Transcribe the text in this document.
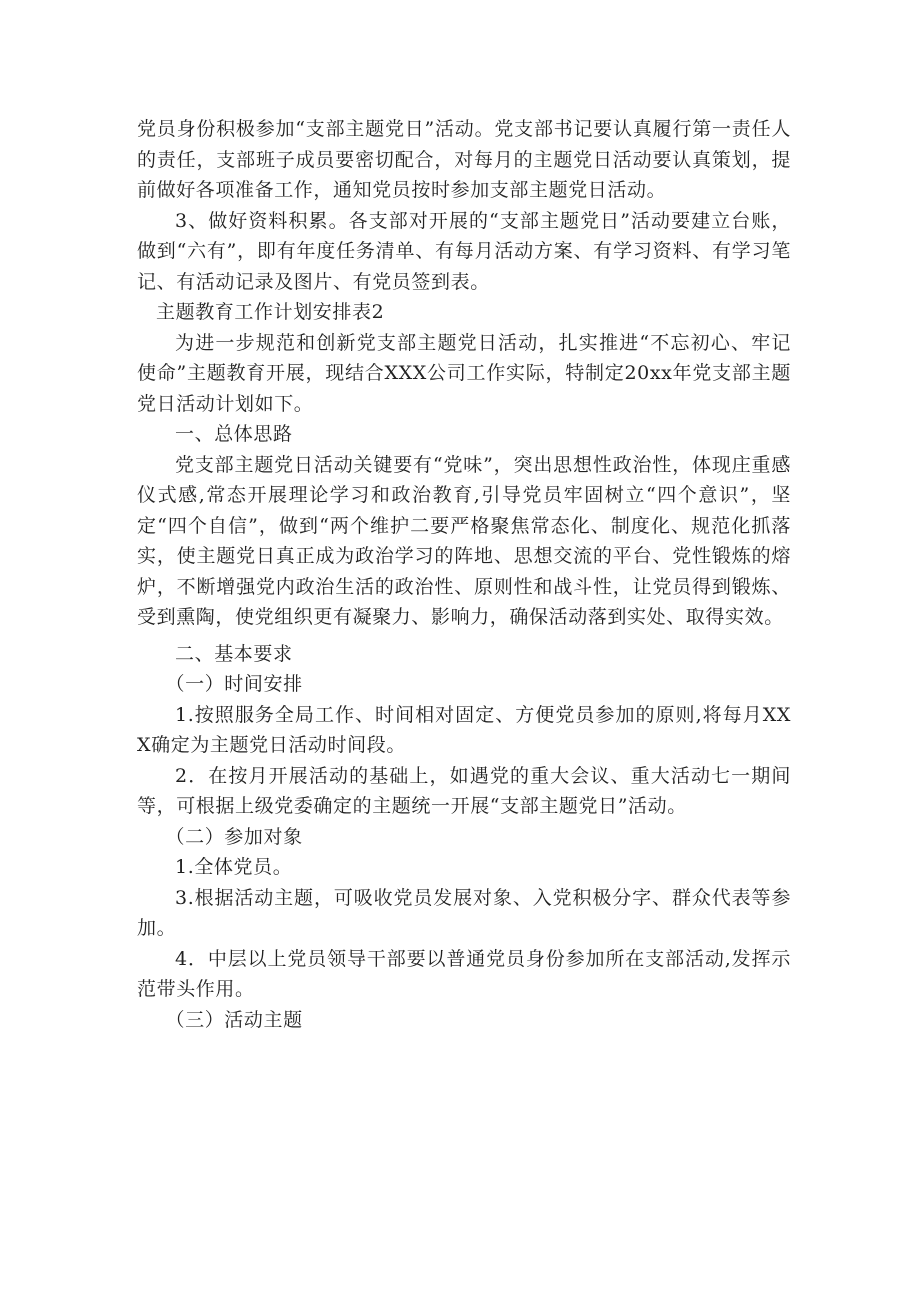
党员身份积极参加“支部主题党日”活动。党支部书记要认真履行第一责任人的责任，支部班子成员要密切配合，对每月的主题党日活动要认真策划，提前做好各项准备工作，通知党员按时参加支部主题党日活动。

3、做好资料积累。各支部对开展的“支部主题党日”活动要建立台账，做到“六有”，即有年度任务清单、有每月活动方案、有学习资料、有学习笔记、有活动记录及图片、有党员签到表。

主题教育工作计划安排表2

为进一步规范和创新党支部主题党日活动，扎实推进“不忘初心、牢记使命”主题教育开展，现结合XXX公司工作实际，特制定20xx年党支部主题党日活动计划如下。

一、总体思路

党支部主题党日活动关键要有“党味”，突出思想性政治性，体现庄重感仪式感,常态开展理论学习和政治教育,引导党员牢固树立“四个意识”，坚定“四个自信”，做到“两个维护二要严格聚焦常态化、制度化、规范化抓落实，使主题党日真正成为政治学习的阵地、思想交流的平台、党性锻炼的熔炉，不断增强党内政治生活的政治性、原则性和战斗性，让党员得到锻炼、受到熏陶，使党组织更有凝聚力、影响力，确保活动落到实处、取得实效。

二、基本要求

（一）时间安排

1.按照服务全局工作、时间相对固定、方便党员参加的原则,将每月XXX确定为主题党日活动时间段。

2．在按月开展活动的基础上，如遇党的重大会议、重大活动七一期间等，可根据上级党委确定的主题统一开展“支部主题党日”活动。

（二）参加对象

1.全体党员。

3.根据活动主题，可吸收党员发展对象、入党积极分字、群众代表等参加。

4．中层以上党员领导干部要以普通党员身份参加所在支部活动,发挥示范带头作用。

（三）活动主题
